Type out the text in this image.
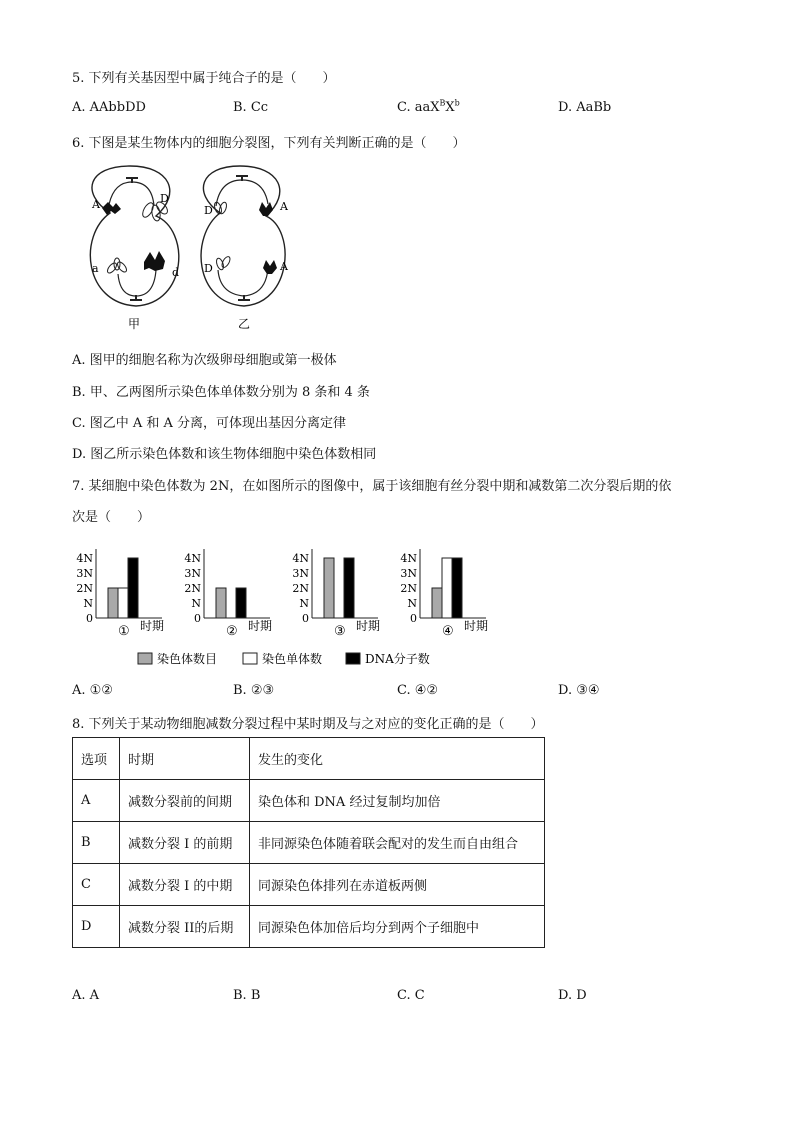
5. 下列有关基因型中属于纯合子的是（　　）
A. AAbbDD	B. Cc	C. $aaX^BX^b$	D. AaBb
6. 下图是某生物体内的细胞分裂图，下列有关判断正确的是（　　）
A	D
a	d
甲
D	A
D	A
乙
A. 图甲的细胞名称为次级卵母细胞或第一极体
B. 甲、乙两图所示染色体单体数分别为 8 条和 4 条
C. 图乙中 A 和 A 分离，可体现出基因分离定律
D. 图乙所示染色体数和该生物体细胞中染色体数相同
7. 某细胞中染色体数为 2N，在如图所示的图像中，属于该细胞有丝分裂中期和减数第二次分裂后期的依
次是（　　）
4N
3N
2N
N
0
① 时期
4N
3N
2N
N
0
② 时期
4N
3N
2N
N
0
③ 时期
4N
3N
2N
N
0
④ 时期
染色体数目	染色单体数	DNA分子数
A. ①②	B. ②③	C. ④②	D. ③④
8. 下列关于某动物细胞减数分裂过程中某时期及与之对应的变化正确的是（　　）
选项	时期	发生的变化
A	减数分裂前的间期	染色体和 DNA 经过复制均加倍
B	减数分裂 I 的前期	非同源染色体随着联会配对的发生而自由组合
C	减数分裂 I 的中期	同源染色体排列在赤道板两侧
D	减数分裂 II的后期	同源染色体加倍后均分到两个子细胞中
A. A	B. B	C. C	D. D
